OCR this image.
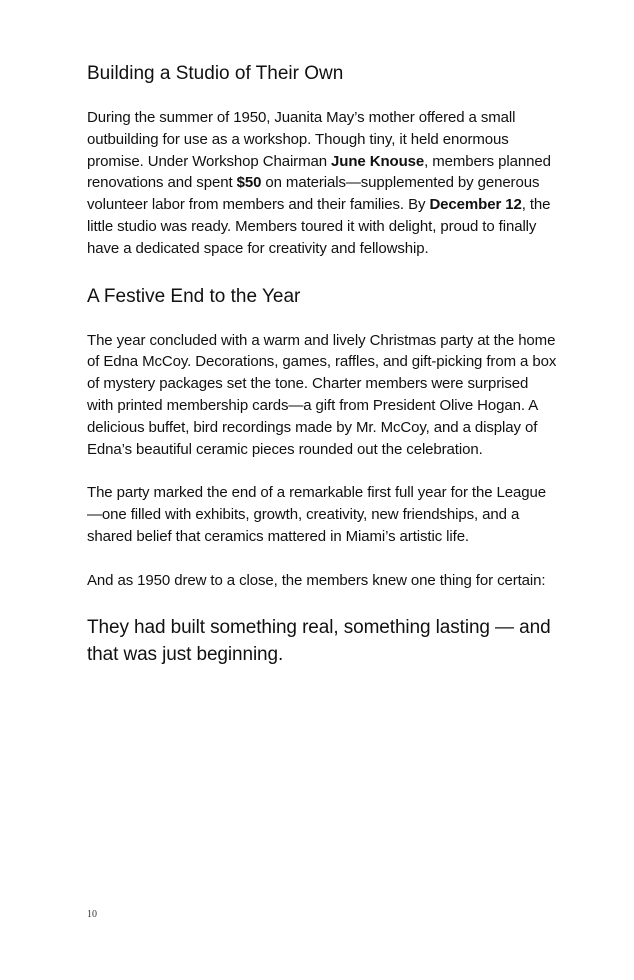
Building a Studio of Their Own

During the summer of 1950, Juanita May’s mother offered a small outbuilding for use as a workshop. Though tiny, it held enormous promise. Under Workshop Chairman June Knouse, members planned renovations and spent $50 on materials—supplemented by generous volunteer labor from members and their families. By December 12, the little studio was ready. Members toured it with delight, proud to finally have a dedicated space for creativity and fellowship.

A Festive End to the Year

The year concluded with a warm and lively Christmas party at the home of Edna McCoy. Decorations, games, raffles, and gift-picking from a box of mystery packages set the tone. Charter members were surprised with printed membership cards—a gift from President Olive Hogan. A delicious buffet, bird recordings made by Mr. McCoy, and a display of Edna’s beautiful ceramic pieces rounded out the celebration.

The party marked the end of a remarkable first full year for the League—one filled with exhibits, growth, creativity, new friendships, and a shared belief that ceramics mattered in Miami’s artistic life.

And as 1950 drew to a close, the members knew one thing for certain:

They had built something real, something lasting — and that was just beginning.

10
